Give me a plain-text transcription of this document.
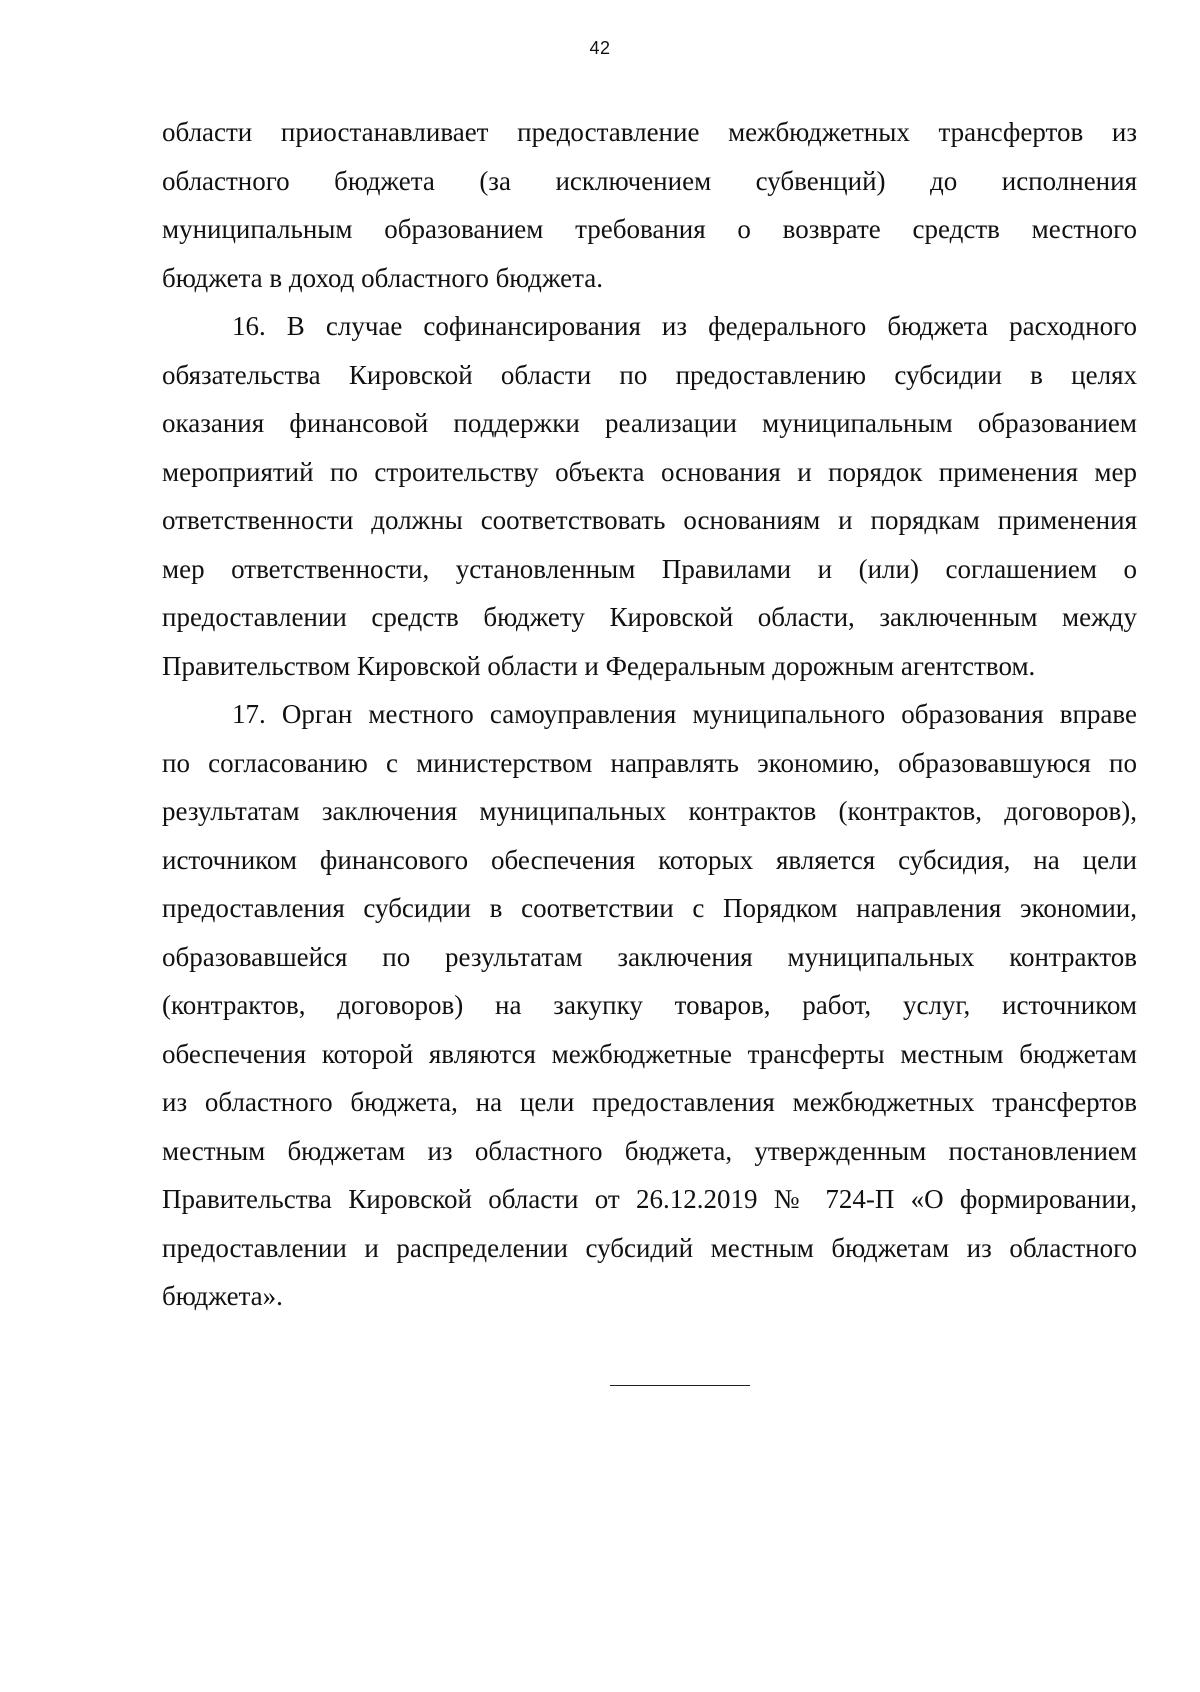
42
области приостанавливает предоставление межбюджетных трансфертов из
областного бюджета (за исключением субвенций) до исполнения
муниципальным образованием требования о возврате средств местного
бюджета в доход областного бюджета.
16. В случае софинансирования из федерального бюджета расходного
обязательства Кировской области по предоставлению субсидии в целях
оказания финансовой поддержки реализации муниципальным образованием
мероприятий по строительству объекта основания и порядок применения мер
ответственности должны соответствовать основаниям и порядкам применения
мер ответственности, установленным Правилами и (или) соглашением о
предоставлении средств бюджету Кировской области, заключенным между
Правительством Кировской области и Федеральным дорожным агентством.
17. Орган местного самоуправления муниципального образования вправе
по согласованию с министерством направлять экономию, образовавшуюся по
результатам заключения муниципальных контрактов (контрактов, договоров),
источником финансового обеспечения которых является субсидия, на цели
предоставления субсидии в соответствии с Порядком направления экономии,
образовавшейся по результатам заключения муниципальных контрактов
(контрактов, договоров) на закупку товаров, работ, услуг, источником
обеспечения которой являются межбюджетные трансферты местным бюджетам
из областного бюджета, на цели предоставления межбюджетных трансфертов
местным бюджетам из областного бюджета, утвержденным постановлением
Правительства Кировской области от 26.12.2019 № 724-П «О формировании,
предоставлении и распределении субсидий местным бюджетам из областного
бюджета».
